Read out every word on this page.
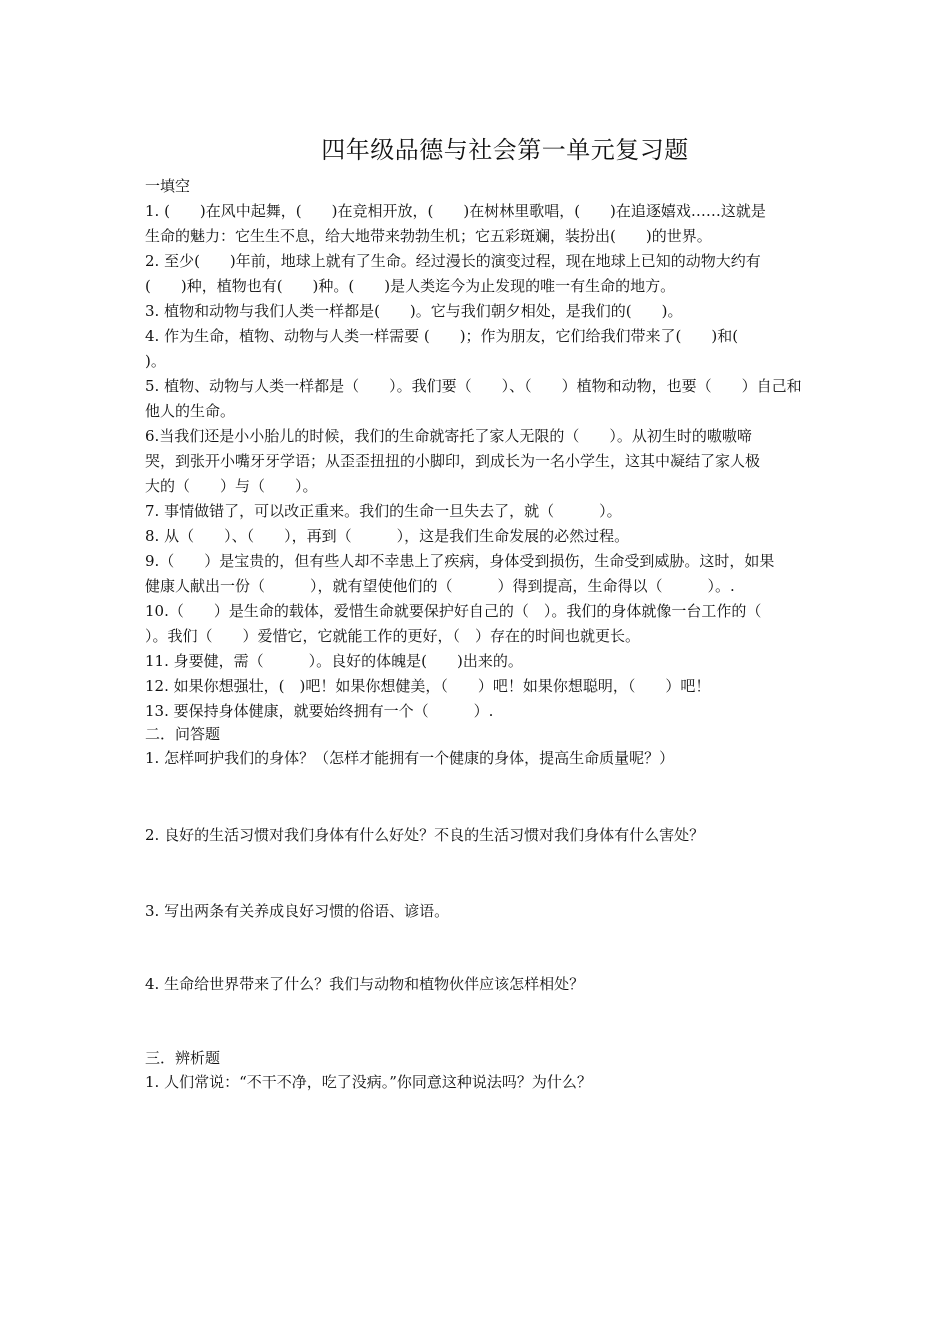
四年级品德与社会第一单元复习题
一填空
1. (　　)在风中起舞，(　　)在竞相开放，(　　)在树林里歌唱，(　　)在追逐嬉戏……这就是
生命的魅力：它生生不息，给大地带来勃勃生机；它五彩斑斓，装扮出(　　)的世界。
2. 至少(　　)年前，地球上就有了生命。经过漫长的演变过程，现在地球上已知的动物大约有
(　　)种，植物也有(　　)种。(　　)是人类迄今为止发现的唯一有生命的地方。
3. 植物和动物与我们人类一样都是(　　)。它与我们朝夕相处，是我们的(　　)。
4. 作为生命，植物、动物与人类一样需要 (　　)；作为朋友，它们给我们带来了(　　)和(
)。
5. 植物、动物与人类一样都是（　　）。我们要（　　）、（　　）植物和动物，也要（　　）自己和
他人的生命。
6.当我们还是小小胎儿的时候，我们的生命就寄托了家人无限的（　　）。从初生时的嗷嗷啼
哭，到张开小嘴牙牙学语；从歪歪扭扭的小脚印，到成长为一名小学生，这其中凝结了家人极
大的（　　）与（　　）。
7. 事情做错了，可以改正重来。我们的生命一旦失去了，就（　　　）。
8. 从（　　）、（　　），再到（　　　），这是我们生命发展的必然过程。
9.（　　）是宝贵的，但有些人却不幸患上了疾病，身体受到损伤，生命受到威胁。这时，如果
健康人献出一份（　　　），就有望使他们的（　　　）得到提高，生命得以（　　　）。.
10.（　　）是生命的载体，爱惜生命就要保护好自己的（　）。我们的身体就像一台工作的（
）。我们（　　）爱惜它，它就能工作的更好，（　）存在的时间也就更长。
11. 身要健，需（　　　）。良好的体魄是(　　)出来的。
12. 如果你想强壮，(　)吧！如果你想健美，（　　）吧！如果你想聪明，（　　）吧！
13. 要保持身体健康，就要始终拥有一个（　　　）.
二．问答题
1. 怎样呵护我们的身体？（怎样才能拥有一个健康的身体，提高生命质量呢？）
2. 良好的生活习惯对我们身体有什么好处？不良的生活习惯对我们身体有什么害处？
3. 写出两条有关养成良好习惯的俗语、谚语。
4. 生命给世界带来了什么？我们与动物和植物伙伴应该怎样相处？
三．辨析题
1. 人们常说：“不干不净，吃了没病。”你同意这种说法吗？为什么？
